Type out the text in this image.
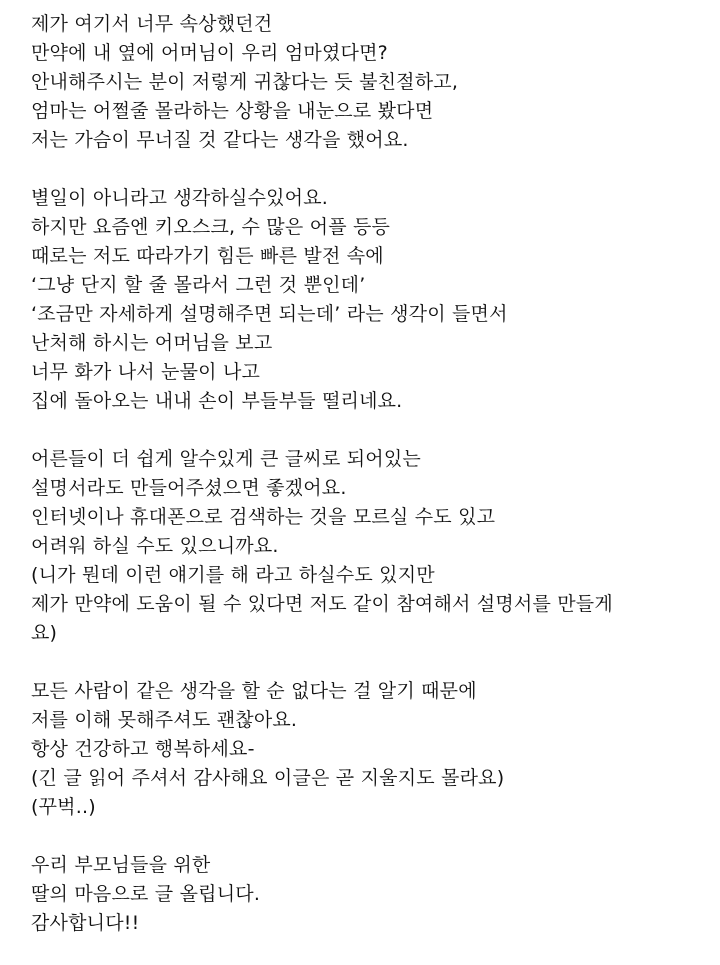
제가 여기서 너무 속상했던건
만약에 내 옆에 어머님이 우리 엄마였다면?
안내해주시는 분이 저렇게 귀찮다는 듯 불친절하고,
엄마는 어쩔줄 몰라하는 상황을 내눈으로 봤다면
저는 가슴이 무너질 것 같다는 생각을 했어요.
별일이 아니라고 생각하실수있어요.
하지만 요즘엔 키오스크, 수 많은 어플 등등
때로는 저도 따라가기 힘든 빠른 발전 속에
‘그냥 단지 할 줄 몰라서 그런 것 뿐인데’
‘조금만 자세하게 설명해주면 되는데’ 라는 생각이 들면서
난처해 하시는 어머님을 보고
너무 화가 나서 눈물이 나고
집에 돌아오는 내내 손이 부들부들 떨리네요.
어른들이 더 쉽게 알수있게 큰 글씨로 되어있는
설명서라도 만들어주셨으면 좋겠어요.
인터넷이나 휴대폰으로 검색하는 것을 모르실 수도 있고
어려워 하실 수도 있으니까요.
(니가 뭔데 이런 얘기를 해 라고 하실수도 있지만
제가 만약에 도움이 될 수 있다면 저도 같이 참여해서 설명서를 만들게
요)
모든 사람이 같은 생각을 할 순 없다는 걸 알기 때문에
저를 이해 못해주셔도 괜찮아요.
항상 건강하고 행복하세요-
(긴 글 읽어 주셔서 감사해요 이글은 곧 지울지도 몰라요)
(꾸벅..)
우리 부모님들을 위한
딸의 마음으로 글 올립니다.
감사합니다!!
